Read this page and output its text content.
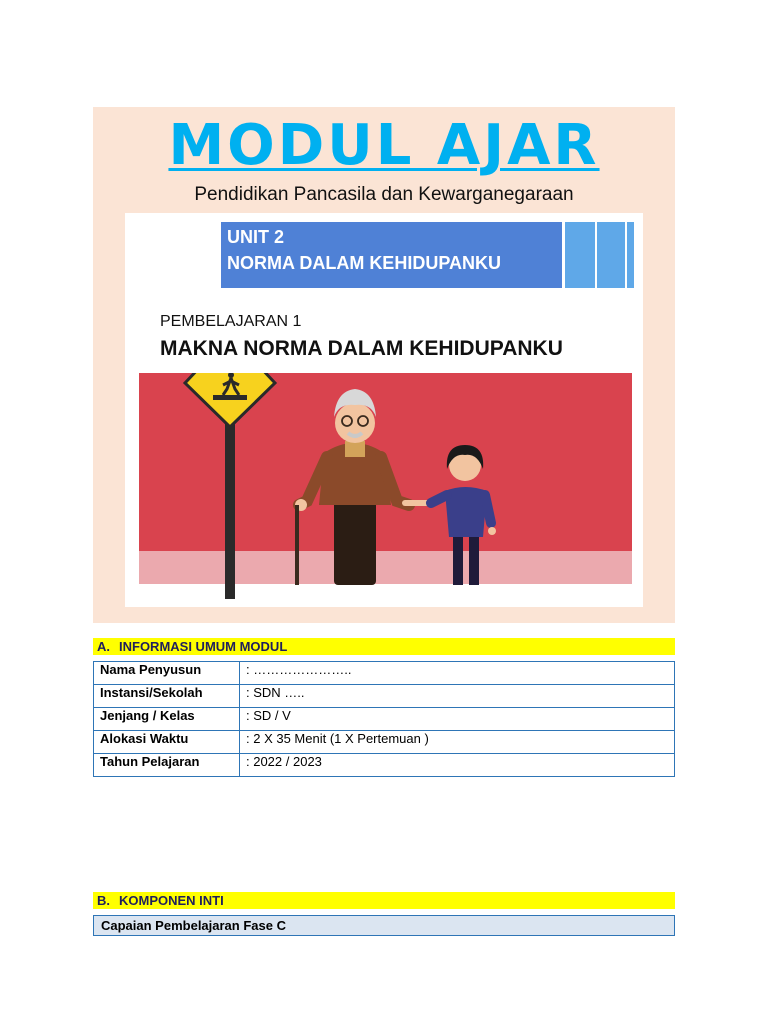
MODUL AJAR
Pendidikan Pancasila dan Kewarganegaraan
UNIT 2
NORMA DALAM KEHIDUPANKU
PEMBELAJARAN 1
MAKNA NORMA DALAM KEHIDUPANKU
A. INFORMASI UMUM MODUL
Nama Penyusun	: …………………..
Instansi/Sekolah	: SDN …..
Jenjang / Kelas	: SD / V
Alokasi Waktu	: 2 X 35 Menit (1 X Pertemuan )
Tahun Pelajaran	: 2022 / 2023
B. KOMPONEN INTI
Capaian Pembelajaran Fase C
